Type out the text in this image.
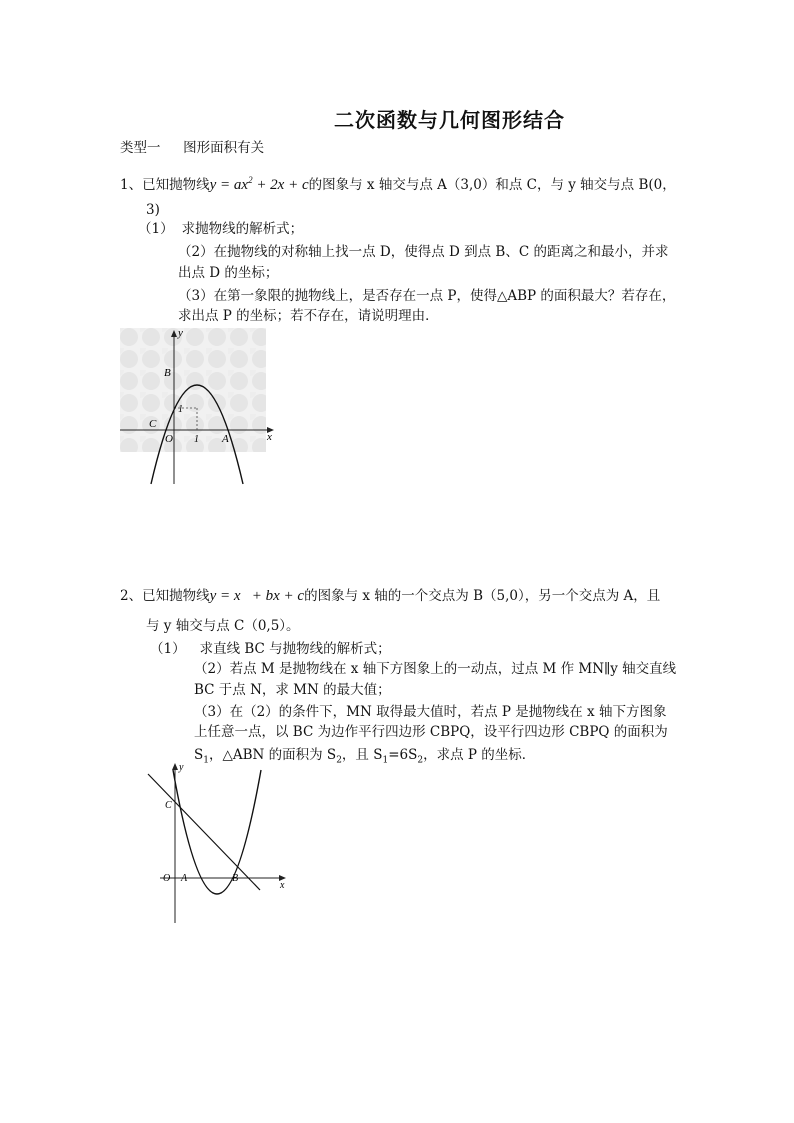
二次函数与几何图形结合
类型一 图形面积有关
1、已知抛物线$y = ax^2 + 2x + c$的图象与 x 轴交与点 A（3,0）和点 C，与 y 轴交与点 B(0，
3)
（1） 求抛物线的解析式；
（2）在抛物线的对称轴上找一点 D，使得点 D 到点 B、C 的距离之和最小，并求
出点 D 的坐标；
（3）在第一象限的抛物线上，是否存在一点 P，使得△ABP 的面积最大？若存在，
求出点 P 的坐标；若不存在，请说明理由．
y
x
B
C
O	A
1
1
2、已知抛物线y = x   + bx + c的图象与 x 轴的一个交点为 B（5,0），另一个交点为 A，且
与 y 轴交与点 C（0,5）。
（1） 求直线 BC 与抛物线的解析式；
（2）若点 M 是抛物线在 x 轴下方图象上的一动点，过点 M 作 MN∥y 轴交直线
BC 于点 N，求 MN 的最大值；
（3）在（2）的条件下，MN 取得最大值时，若点 P 是抛物线在 x 轴下方图象
上任意一点，以 BC 为边作平行四边形 CBPQ，设平行四边形 CBPQ 的面积为
$S_1$，△ABN 的面积为 $S_2$，且 $S_1=6S_2$，求点 P 的坐标．
y
x
C
O A	B
